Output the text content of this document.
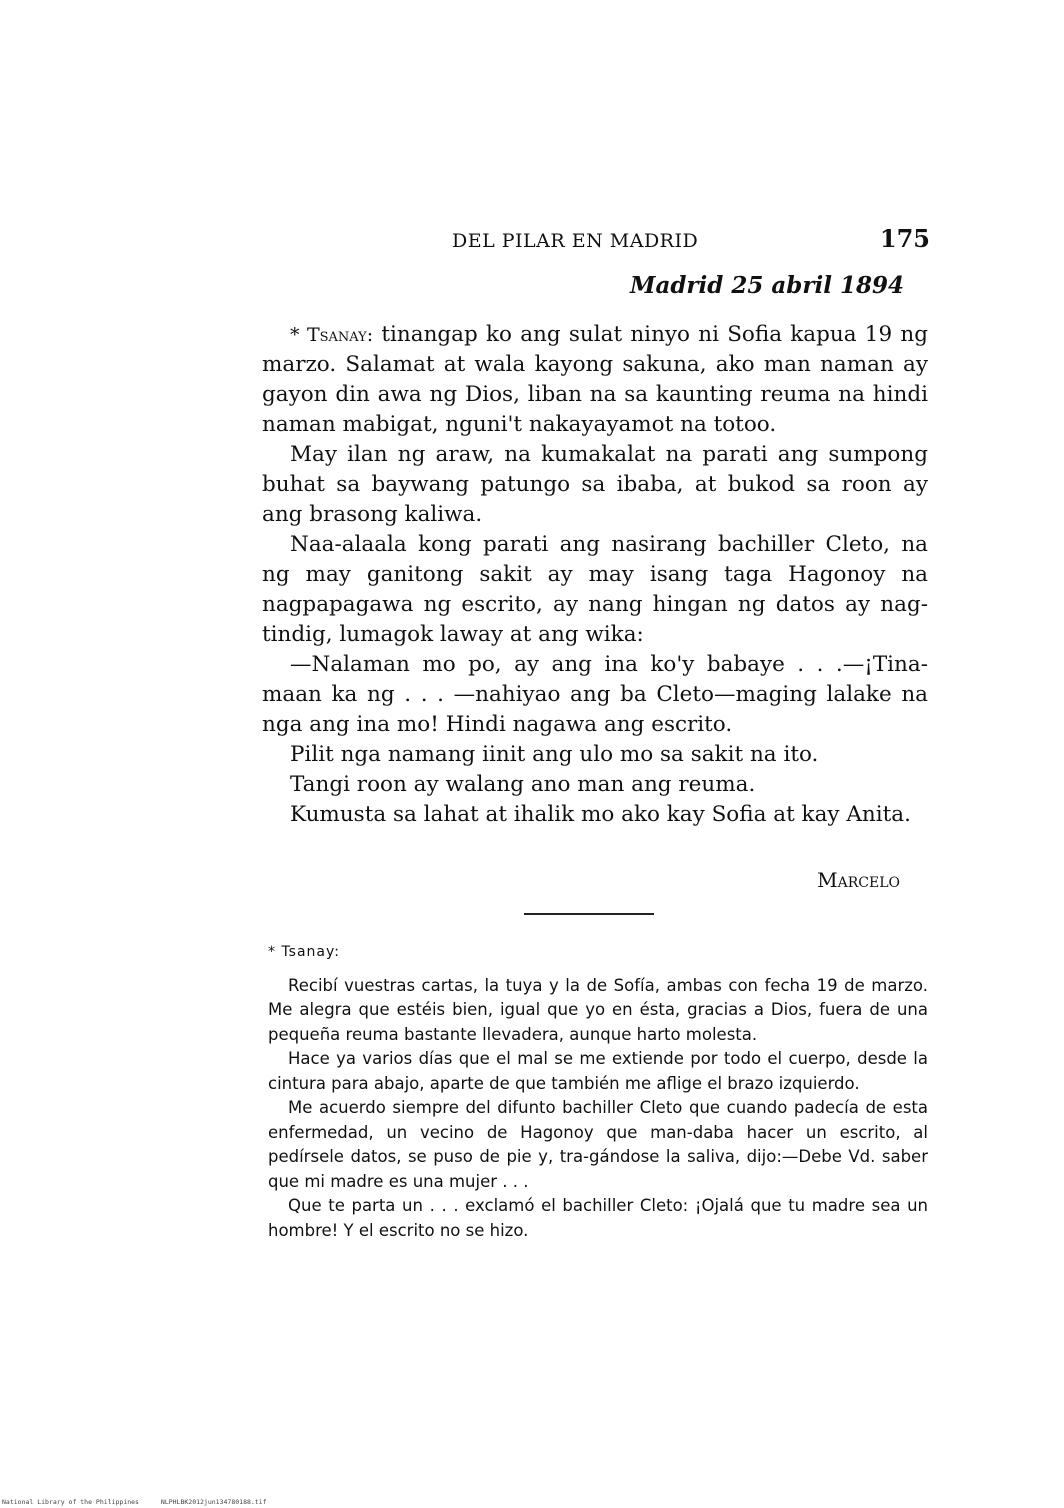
DEL PILAR EN MADRID	175
Madrid 25 abril 1894

* Tsanay: tinangap ko ang sulat ninyo ni Sofia kapua 19 ng marzo. Salamat at wala kayong sakuna, ako man naman ay gayon din awa ng Dios, liban na sa kaunting reuma na hindi naman mabigat, nguni't nakayayamot na totoo.

May ilan ng araw, na kumakalat na parati ang sumpong buhat sa baywang patungo sa ibaba, at bukod sa roon ay ang brasong kaliwa.

Naa-alaala kong parati ang nasirang bachiller Cleto, na ng may ganitong sakit ay may isang taga Hagonoy na nagpapagawa ng escrito, ay nang hingan ng datos ay nag-tindig, lumagok laway at ang wika:

—Nalaman mo po, ay ang ina ko'y babaye . . .—¡Tina-maan ka ng . . . —nahiyao ang ba Cleto—maging lalake na nga ang ina mo! Hindi nagawa ang escrito.

Pilit nga namang iinit ang ulo mo sa sakit na ito.

Tangi roon ay walang ano man ang reuma.

Kumusta sa lahat at ihalik mo ako kay Sofia at kay Anita.

Marcelo
* Tsanay:

Recibí vuestras cartas, la tuya y la de Sofía, ambas con fecha 19 de marzo. Me alegra que estéis bien, igual que yo en ésta, gracias a Dios, fuera de una pequeña reuma bastante llevadera, aunque harto molesta.

Hace ya varios días que el mal se me extiende por todo el cuerpo, desde la cintura para abajo, aparte de que también me aflige el brazo izquierdo.

Me acuerdo siempre del difunto bachiller Cleto que cuando padecía de esta enfermedad, un vecino de Hagonoy que man-daba hacer un escrito, al pedírsele datos, se puso de pie y, tra-gándose la saliva, dijo:—Debe Vd. saber que mi madre es una mujer . . .

Que te parta un . . . exclamó el bachiller Cleto: ¡Ojalá que tu madre sea un hombre! Y el escrito no se hizo.

National Library of the Philippines	NLPHLBK2012jun134780188.tif
